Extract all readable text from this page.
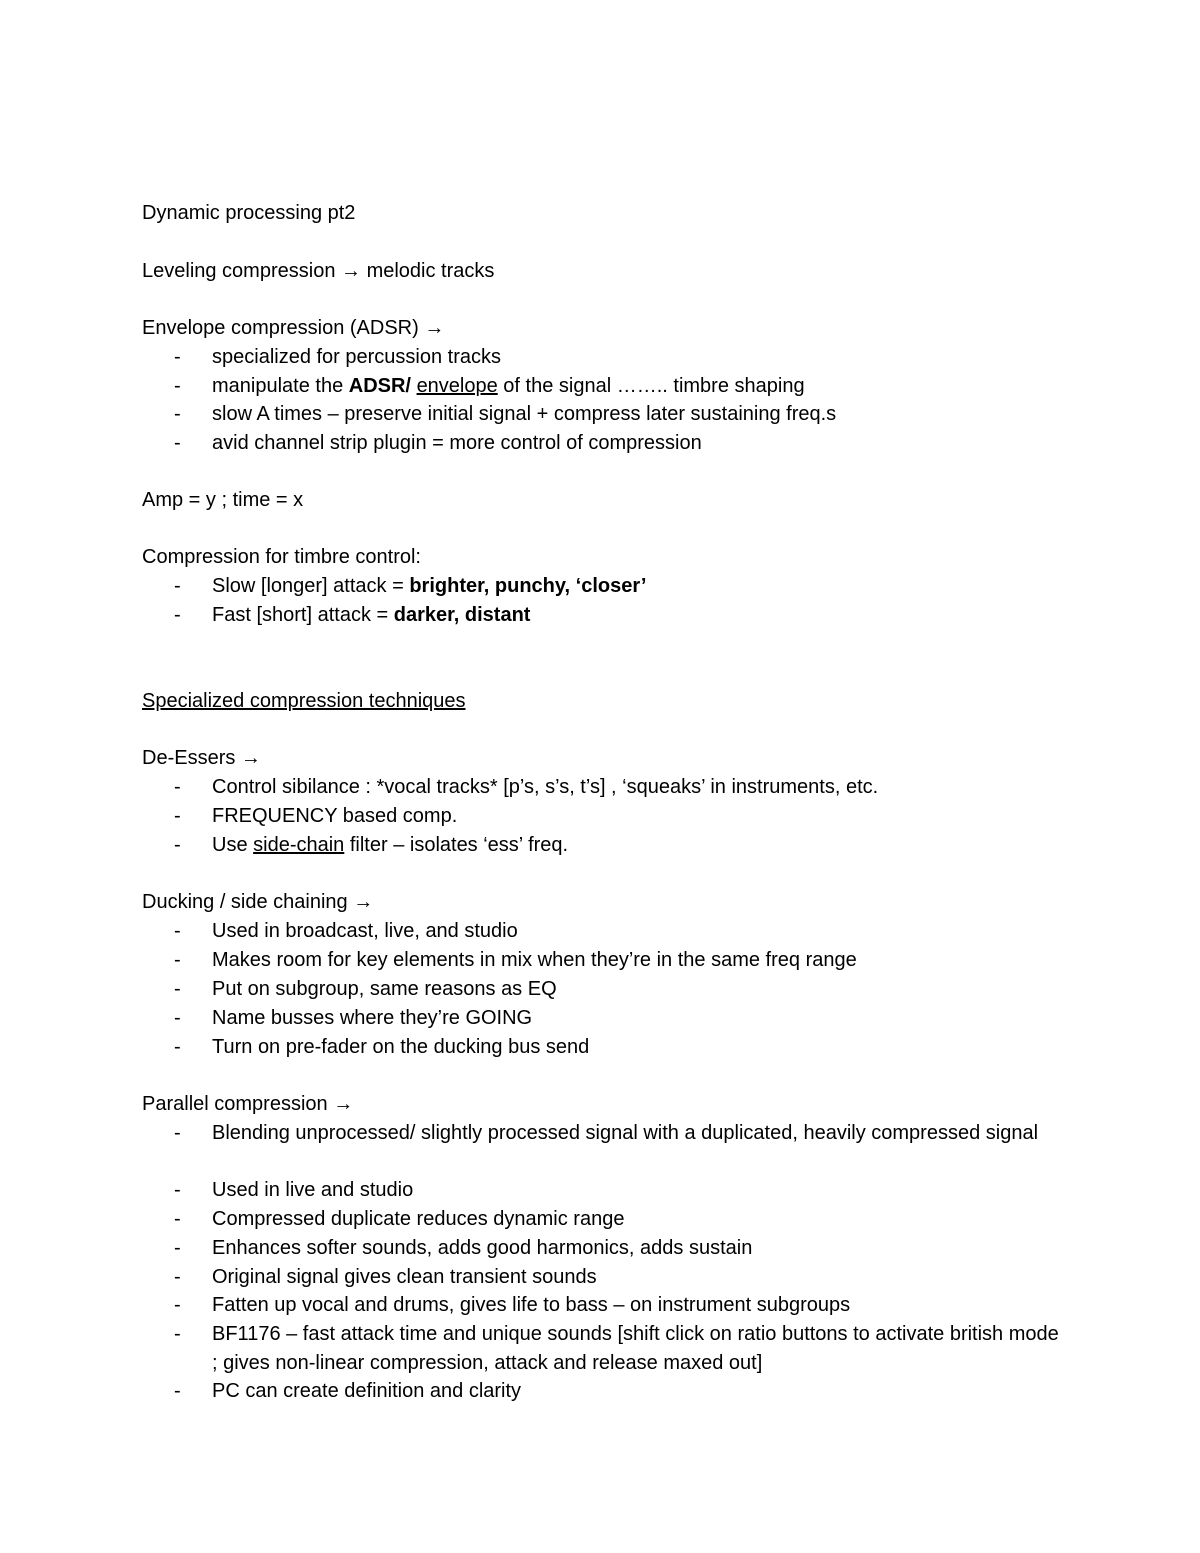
Dynamic processing pt2
Leveling compression → melodic tracks
Envelope compression (ADSR) →
- specialized for percussion tracks
- manipulate the ADSR/ envelope of the signal …….. timbre shaping
- slow A times – preserve initial signal + compress later sustaining freq.s
- avid channel strip plugin = more control of compression
Amp = y ; time = x
Compression for timbre control:
- Slow [longer] attack = brighter, punchy, ‘closer’
- Fast [short] attack = darker, distant
Specialized compression techniques
De-Essers →
- Control sibilance : *vocal tracks* [p’s, s’s, t’s] , ‘squeaks’ in instruments, etc.
- FREQUENCY based comp.
- Use side-chain filter – isolates ‘ess’ freq.
Ducking / side chaining →
- Used in broadcast, live, and studio
- Makes room for key elements in mix when they’re in the same freq range
- Put on subgroup, same reasons as EQ
- Name busses where they’re GOING
- Turn on pre-fader on the ducking bus send
Parallel compression →
- Blending unprocessed/ slightly processed signal with a duplicated, heavily compressed signal
- Used in live and studio
- Compressed duplicate reduces dynamic range
- Enhances softer sounds, adds good harmonics, adds sustain
- Original signal gives clean transient sounds
- Fatten up vocal and drums, gives life to bass – on instrument subgroups
- BF1176 – fast attack time and unique sounds [shift click on ratio buttons to activate british mode ; gives non-linear compression, attack and release maxed out]
- PC can create definition and clarity
